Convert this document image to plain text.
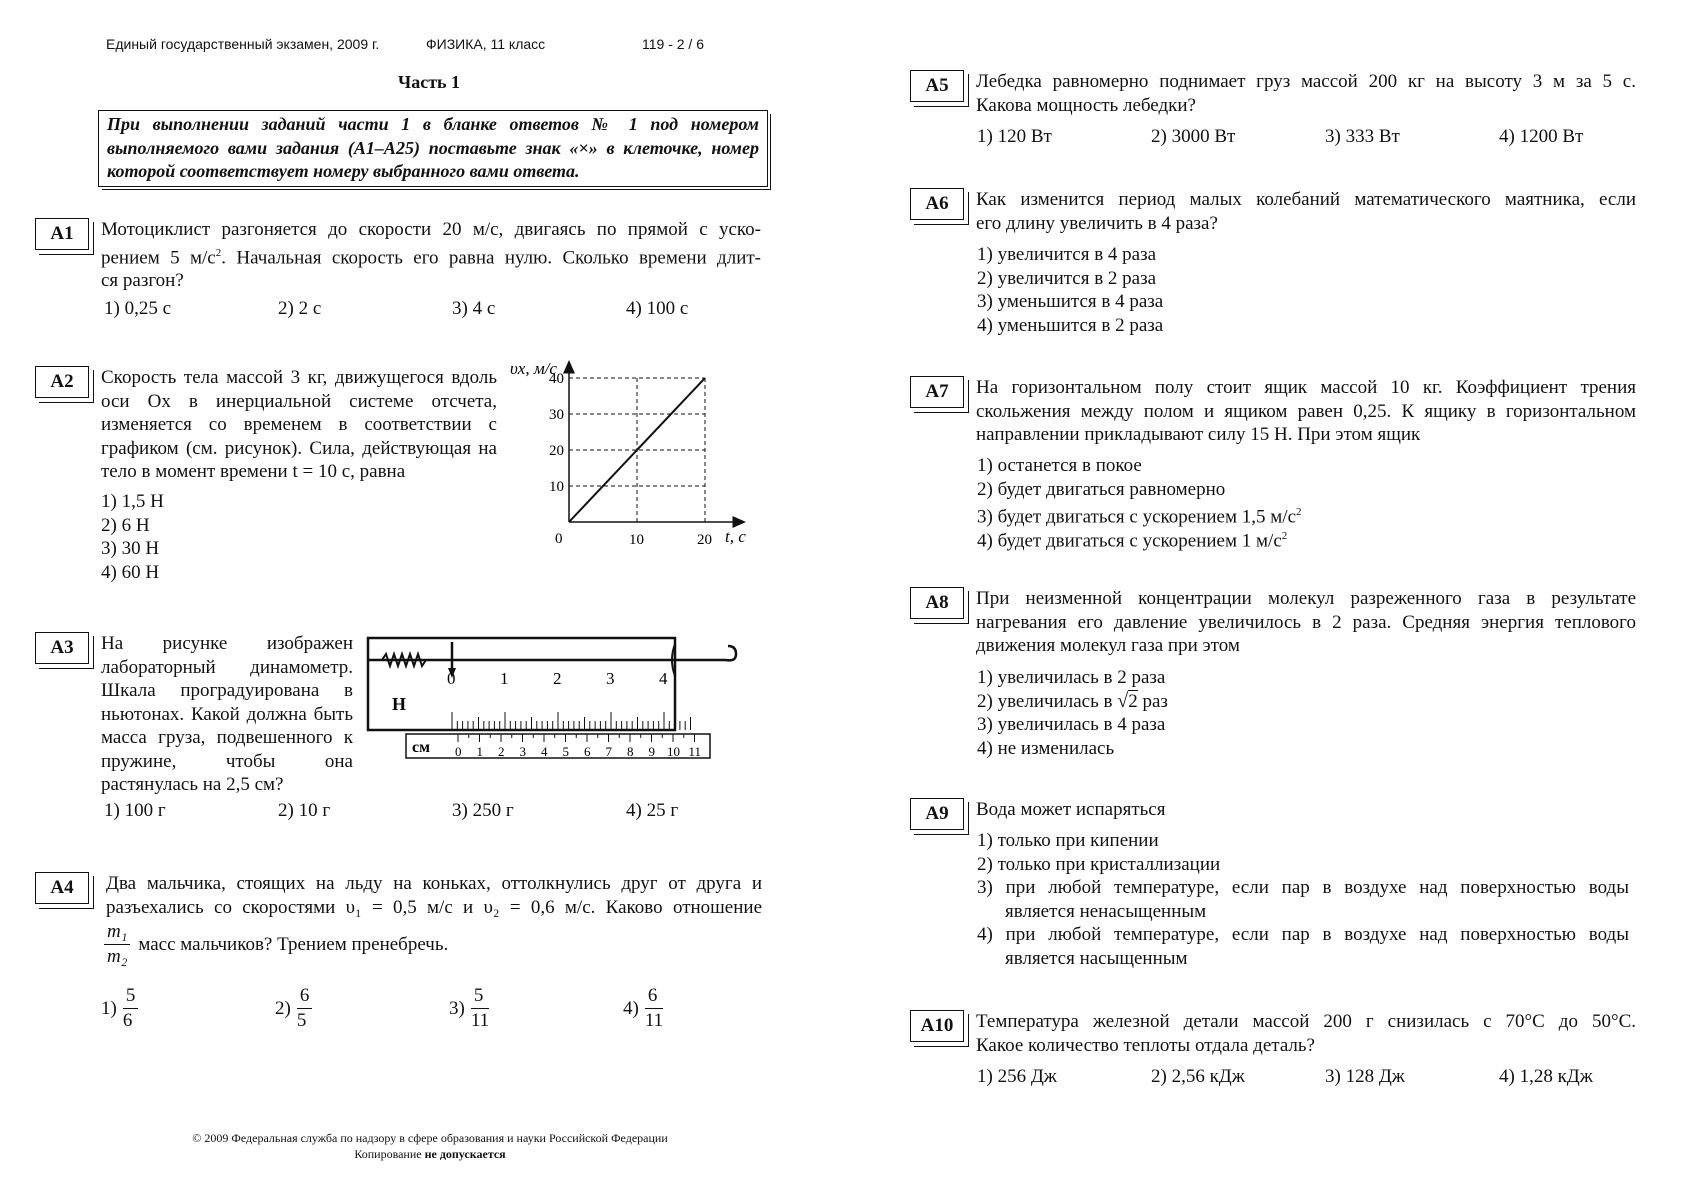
Единый государственный экзамен, 2009 г.	ФИЗИКА, 11 класс	119 - 2 / 6
Часть 1
При выполнении заданий части 1 в бланке ответов № 1 под номером выполняемого вами задания (А1–А25) поставьте знак «×» в клеточке, номер которой соответствует номеру выбранного вами ответа.
А1	Мотоциклист разгоняется до скорости 20 м/с, двигаясь по прямой с уско-
рением 5 $м/с^2$. Начальная скорость его равна нулю. Сколько времени длит-
ся разгон?
1) 0,25 с	2) 2 с	3) 4 с	4) 100 с
А2	Скорость тела массой 3 кг, движущегося вдоль оси Ox в инерциальной системе отсчета, изменяется со временем в соответствии с графиком (см. рисунок). Сила, действующая на тело в момент времени t = 10 с, равна
1) 1,5 Н
2) 6 Н
3) 30 Н
4) 60 Н
10
20
30
40
10	20
0
υx, м/с
t, с
А3	На рисунке изображен лабораторный динамометр. Шкала проградуирована в ньютонах. Какой должна быть масса груза, подвешенного к пружине, чтобы она растянулась на 2,5 см?
1) 100 г	2) 10 г	3) 250 г	4) 25 г
Н
0	1	2	3	4
см 0 1 2 3 4 5 6 7 8 9 10 11
А4	Два мальчика, стоящих на льду на коньках, оттолкнулись друг от друга и
разъехались со скоростями υ₁ = 0,5 м/с и υ₂ = 0,6 м/с. Каково отношение
$\frac{\text{m₁}}{\text{m₂}}$ масс мальчиков? Трением пренебречь.
$1) \frac{5}{6}$	$2) \frac{6}{5}$	$3) \frac{5}{11}$	$4) \frac{6}{11}$
А5	Лебедка равномерно поднимает груз массой 200 кг на высоту 3 м за 5 с.
Какова мощность лебедки?
1) 120 Вт	2) 3000 Вт	3) 333 Вт	4) 1200 Вт
А6	Как изменится период малых колебаний математического маятника, если
его длину увеличить в 4 раза?
1) увеличится в 4 раза
2) увеличится в 2 раза
3) уменьшится в 4 раза
4) уменьшится в 2 раза
А7	На горизонтальном полу стоит ящик массой 10 кг. Коэффициент трения скольжения между полом и ящиком равен 0,25. К ящику в горизонтальном направлении прикладывают силу 15 Н. При этом ящик
1) останется в покое
2) будет двигаться равномерно
3) будет двигаться с ускорением 1,5 $м/с^2$
4) будет двигаться с ускорением 1 $м/с^2$
А8	При неизменной концентрации молекул разреженного газа в результате нагревания его давление увеличилось в 2 раза. Средняя энергия теплового движения молекул газа при этом
1) увеличилась в 2 раза
2) увеличилась в √2 раз
3) увеличилась в 4 раза
4) не изменилась
А9	Вода может испаряться
1) только при кипении
2) только при кристаллизации
3) при любой температуре, если пар в воздухе над поверхностью воды
является ненасыщенным
4) при любой температуре, если пар в воздухе над поверхностью воды
является насыщенным
А10	Температура железной детали массой 200 г снизилась с 70°С до 50°С.
Какое количество теплоты отдала деталь?
1) 256 Дж	2) 2,56 кДж	3) 128 Дж	4) 1,28 кДж
© 2009 Федеральная служба по надзору в сфере образования и науки Российской Федерации
Копирование не допускается
